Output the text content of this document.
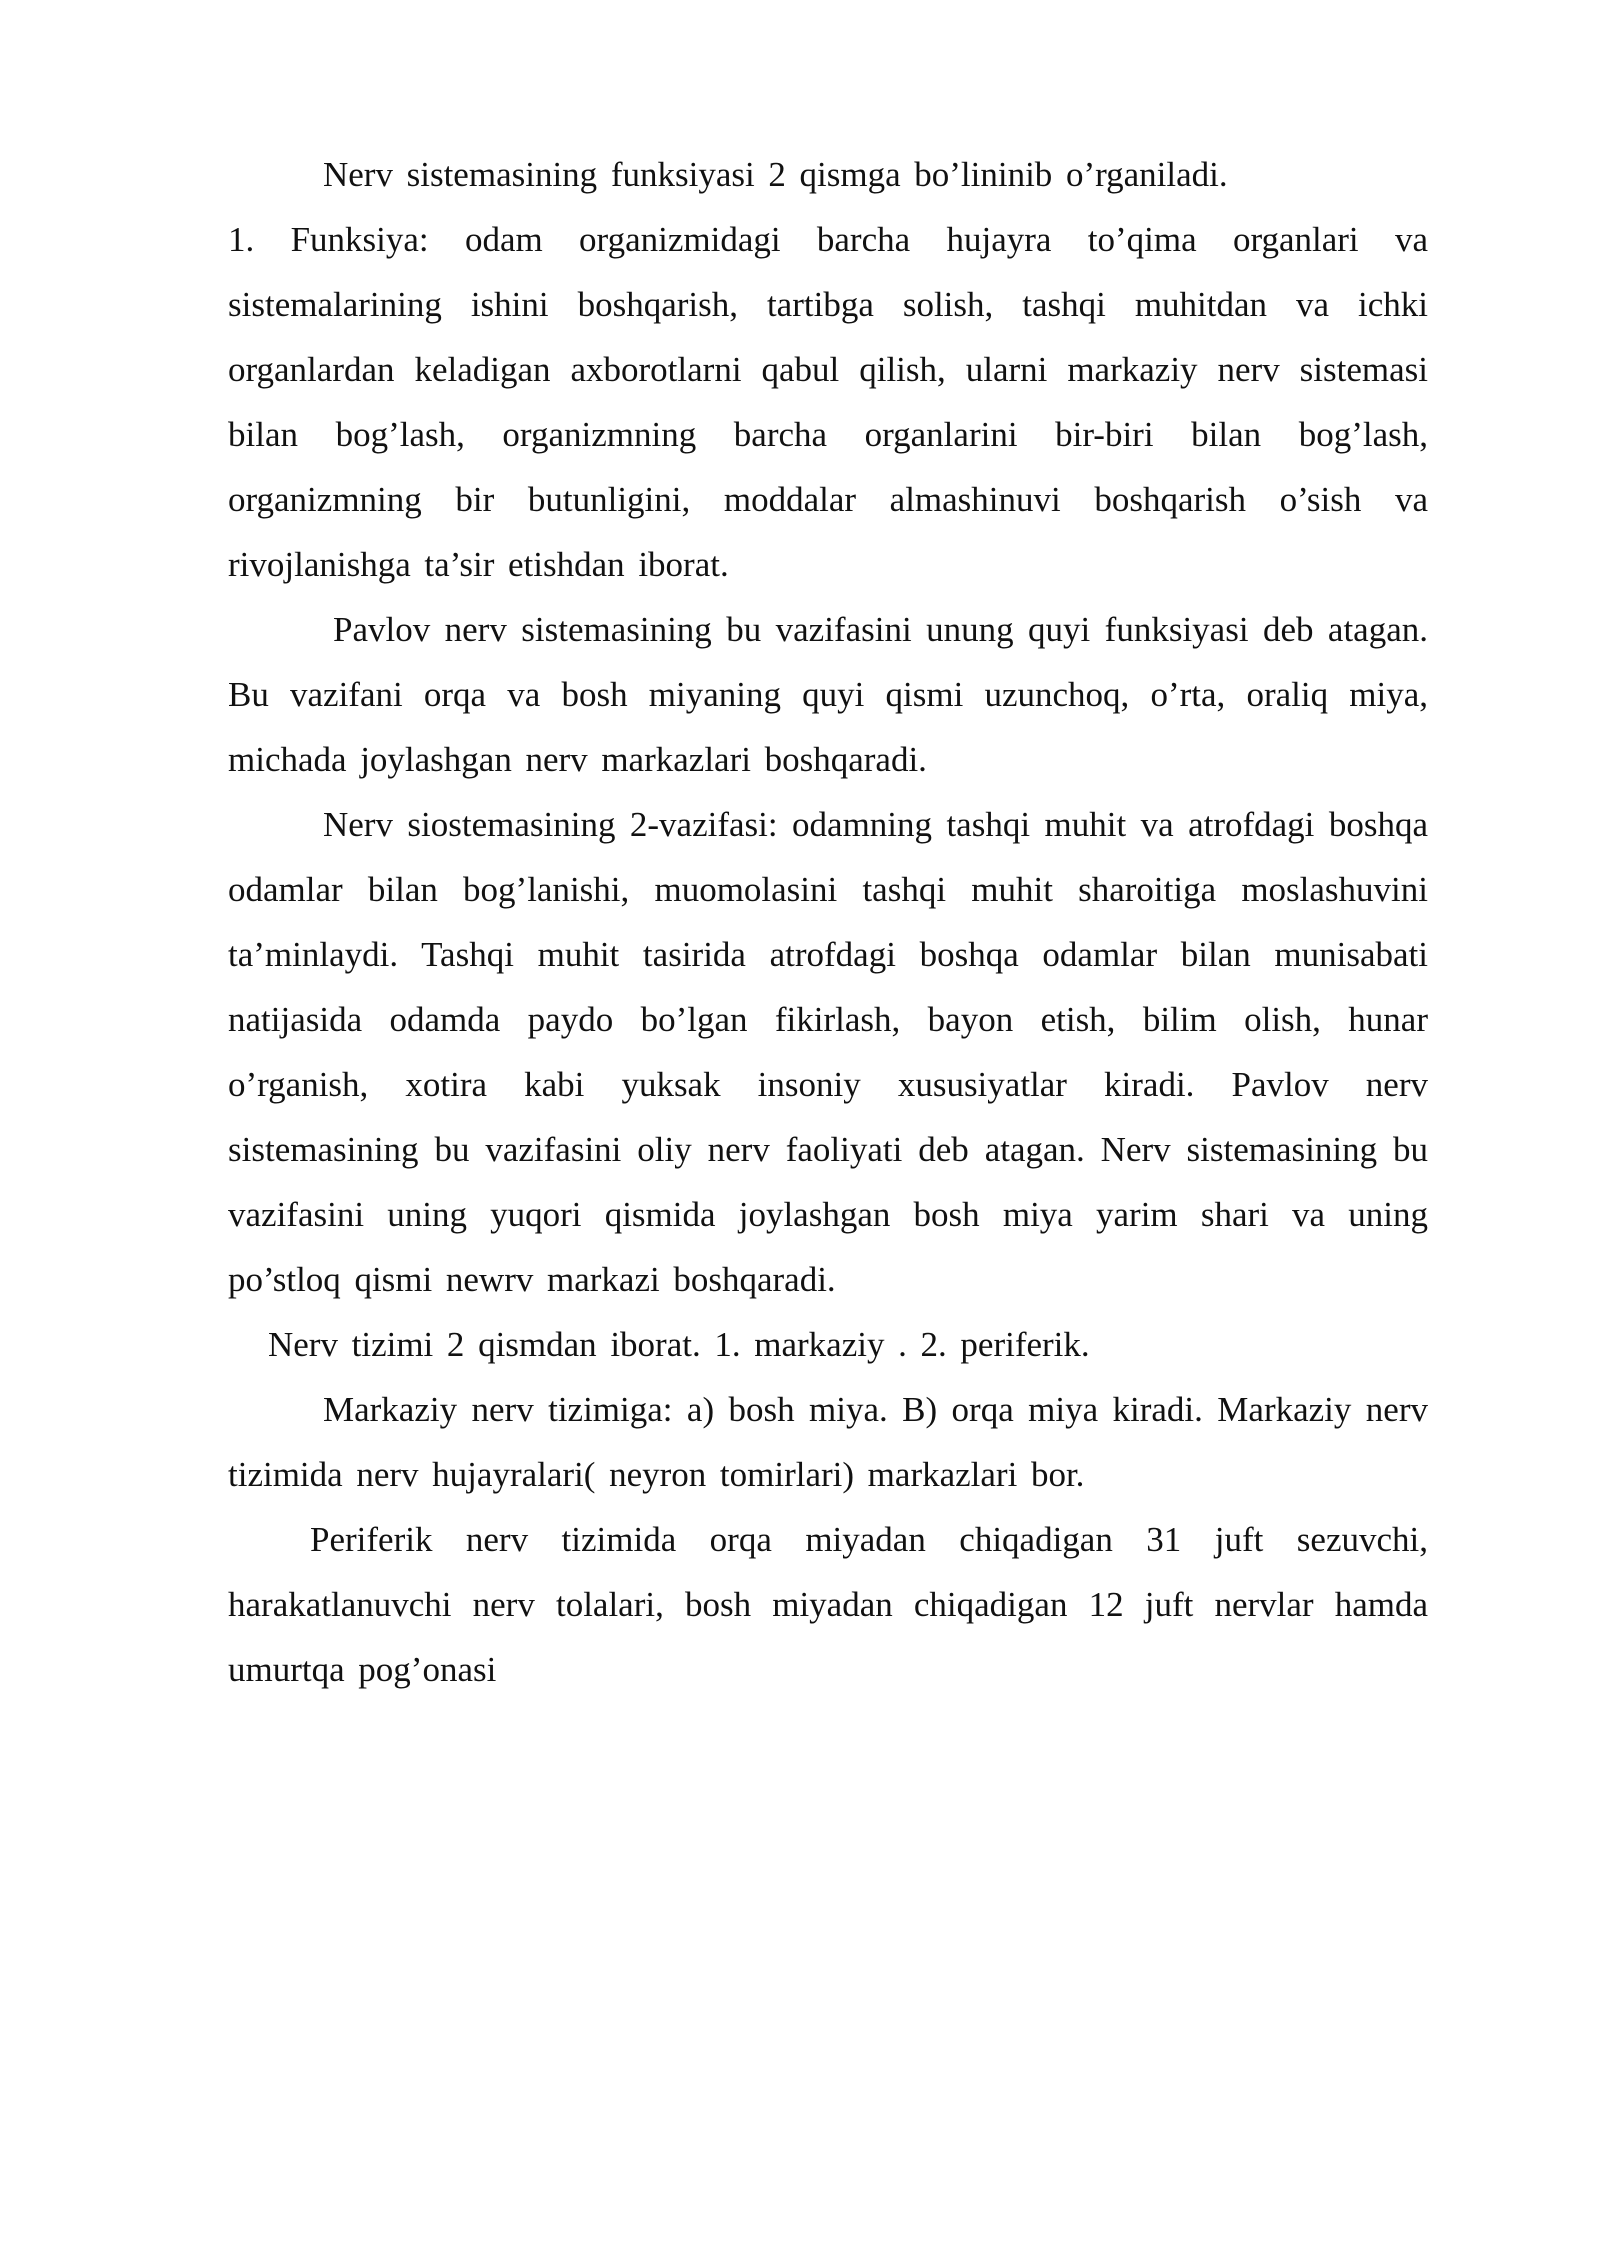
Nerv sistemasining funksiyasi 2 qismga bo’lininib o’rganiladi.

1. Funksiya: odam organizmidagi barcha hujayra to’qima organlari va sistemalarining ishini boshqarish, tartibga solish, tashqi muhitdan va ichki organlardan keladigan axborotlarni qabul qilish, ularni markaziy nerv sistemasi bilan bog’lash, organizmning barcha organlarini bir-biri bilan bog’lash, organizmning bir butunligini, moddalar almashinuvi boshqarish o’sish va rivojlanishga ta’sir etishdan iborat.

Pavlov nerv sistemasining bu vazifasini unung quyi funksiyasi deb atagan. Bu vazifani orqa va bosh miyaning quyi qismi uzunchoq, o’rta, oraliq miya, michada joylashgan nerv markazlari boshqaradi.

Nerv siostemasining 2-vazifasi: odamning tashqi muhit va atrofdagi boshqa odamlar bilan bog’lanishi, muomolasini tashqi muhit sharoitiga moslashuvini ta’minlaydi. Tashqi muhit tasirida atrofdagi boshqa odamlar bilan munisabati natijasida odamda paydo bo’lgan fikirlash, bayon etish, bilim olish, hunar o’rganish, xotira kabi yuksak insoniy xususiyatlar kiradi. Pavlov nerv sistemasining bu vazifasini oliy nerv faoliyati deb atagan. Nerv sistemasining bu vazifasini uning yuqori qismida joylashgan bosh miya yarim shari va uning po’stloq qismi newrv markazi boshqaradi.

Nerv tizimi 2 qismdan iborat. 1. markaziy . 2. periferik.

Markaziy nerv tizimiga: a) bosh miya. B) orqa miya kiradi. Markaziy nerv tizimida nerv hujayralari( neyron tomirlari) markazlari bor.

Periferik nerv tizimida orqa miyadan chiqadigan 31 juft sezuvchi, harakatlanuvchi nerv tolalari, bosh miyadan chiqadigan 12 juft nervlar hamda umurtqa pog’onasi
